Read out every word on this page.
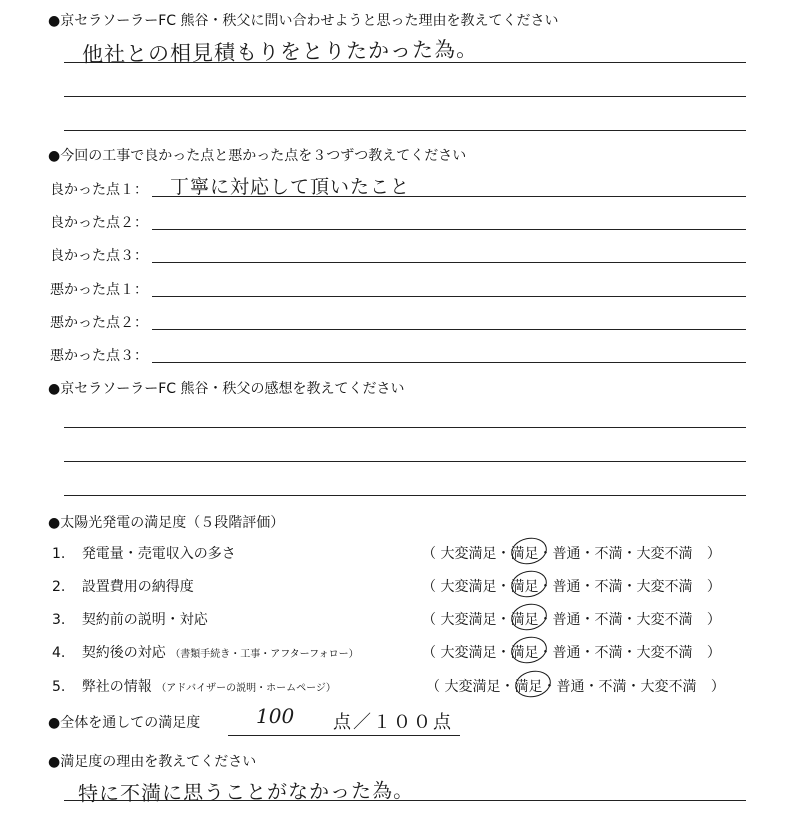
●京セラソーラーFC 熊谷・秩父に問い合わせようと思った理由を教えてください
他社との相見積もりをとりたかった為。
●今回の工事で良かった点と悪かった点を３つずつ教えてください
良かった点１： 丁寧に対応して頂いたこと
良かった点２：
良かった点３：
悪かった点１：
悪かった点２：
悪かった点３：
●京セラソーラーFC 熊谷・秩父の感想を教えてください
●太陽光発電の満足度（５段階評価）
1. 発電量・売電収入の多さ	（ 大変満足・満足・普通・不満・大変不満 ）
2. 設置費用の納得度	（ 大変満足・満足・普通・不満・大変不満 ）
3. 契約前の説明・対応	（ 大変満足・満足・普通・不満・大変不満 ）
4. 契約後の対応 （書類手続き・工事・アフターフォロー）	（ 大変満足・満足・普通・不満・大変不満 ）
5. 弊社の情報 （アドバイザーの説明・ホームページ）	（ 大変満足・満足・普通・不満・大変不満 ）
●全体を通しての満足度	100 点／１００点
●満足度の理由を教えてください
特に不満に思うことがなかった為。
